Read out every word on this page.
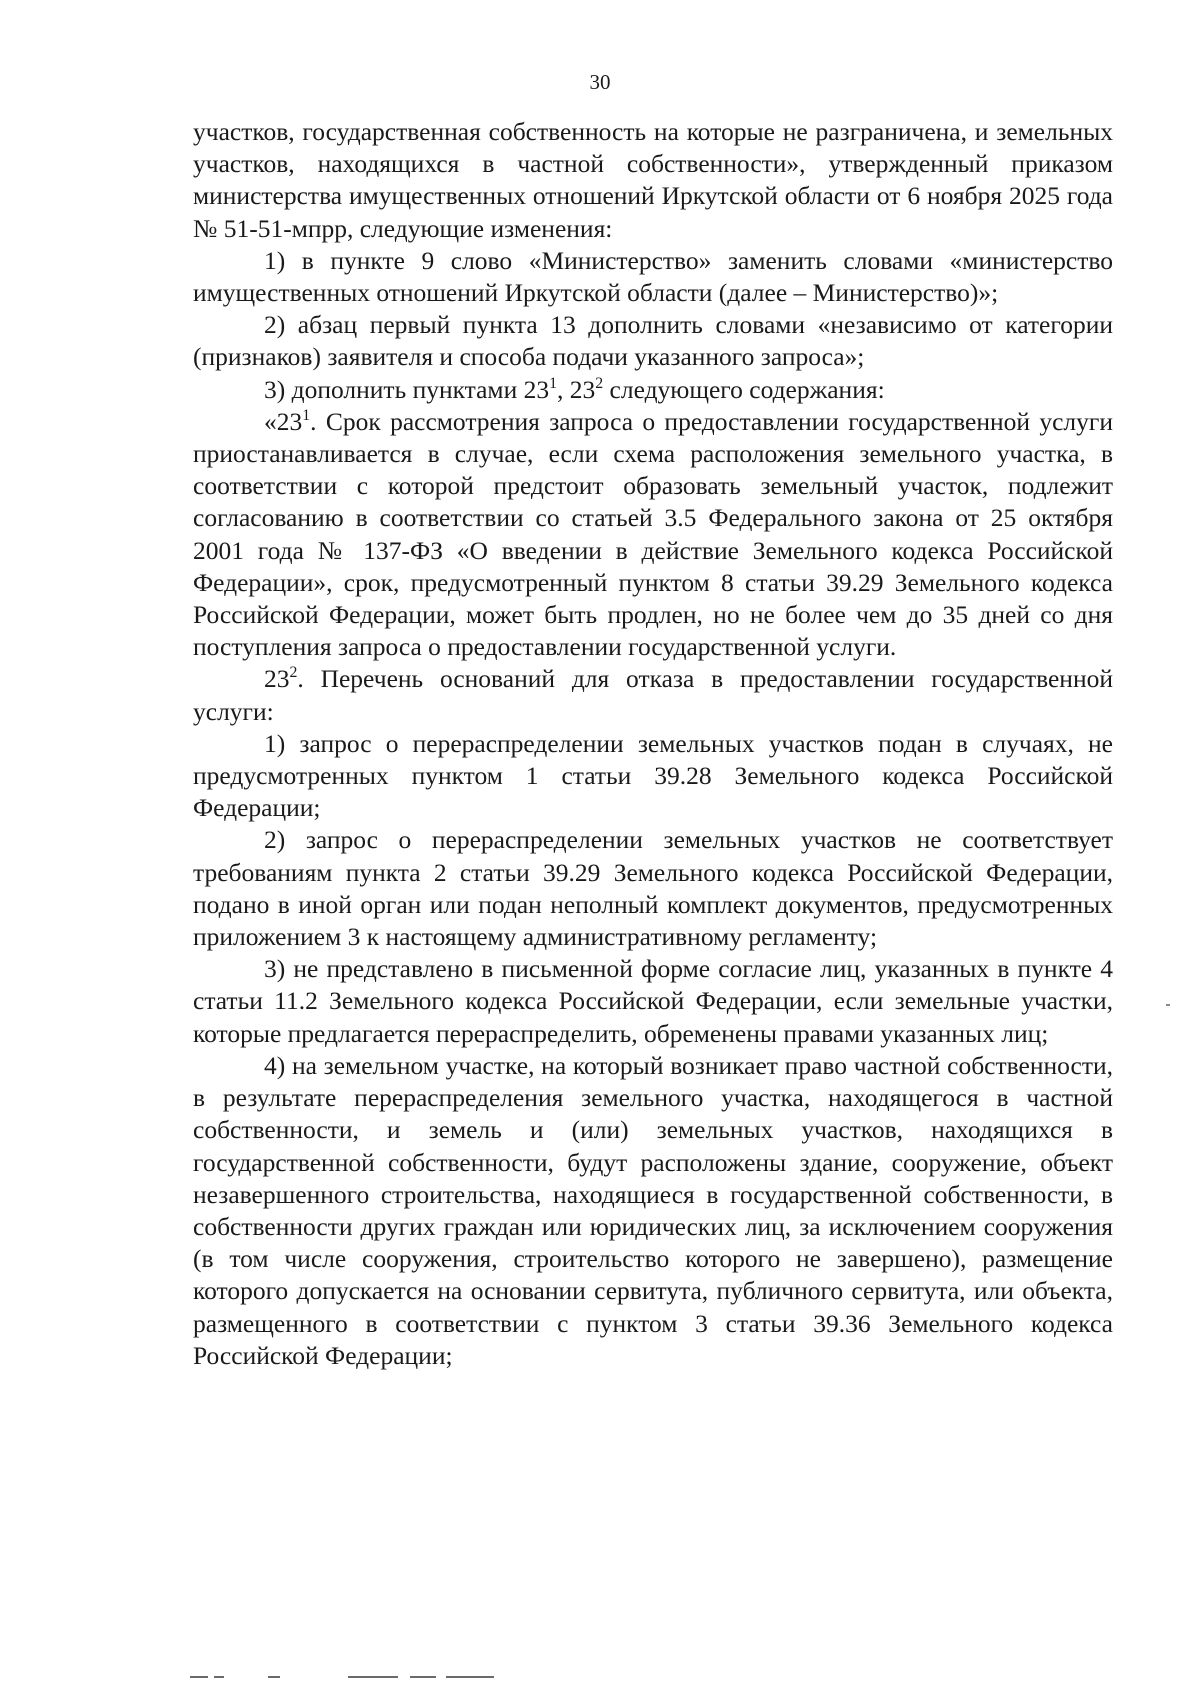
30

участков, государственная собственность на которые не разграничена, и земельных участков, находящихся в частной собственности», утвержденный приказом министерства имущественных отношений Иркутской области от 6 ноября 2025 года № 51-51-мпрр, следующие изменения:

1) в пункте 9 слово «Министерство» заменить словами «министерство имущественных отношений Иркутской области (далее – Министерство)»;

2) абзац первый пункта 13 дополнить словами «независимо от категории (признаков) заявителя и способа подачи указанного запроса»;

3) дополнить пунктами $23^1$, $23^2$ следующего содержания:

«$23^1$. Срок рассмотрения запроса о предоставлении государственной услуги приостанавливается в случае, если схема расположения земельного участка, в соответствии с которой предстоит образовать земельный участок, подлежит согласованию в соответствии со статьей 3.5 Федерального закона от 25 октября 2001 года № 137-ФЗ «О введении в действие Земельного кодекса Российской Федерации», срок, предусмотренный пунктом 8 статьи 39.29 Земельного кодекса Российской Федерации, может быть продлен, но не более чем до 35 дней со дня поступления запроса о предоставлении государственной услуги.

$23^2$. Перечень оснований для отказа в предоставлении государственной услуги:

1) запрос о перераспределении земельных участков подан в случаях, не предусмотренных пунктом 1 статьи 39.28 Земельного кодекса Российской Федерации;

2) запрос о перераспределении земельных участков не соответствует требованиям пункта 2 статьи 39.29 Земельного кодекса Российской Федерации, подано в иной орган или подан неполный комплект документов, предусмотренных приложением 3 к настоящему административному регламенту;

3) не представлено в письменной форме согласие лиц, указанных в пункте 4 статьи 11.2 Земельного кодекса Российской Федерации, если земельные участки, которые предлагается перераспределить, обременены правами указанных лиц;

4) на земельном участке, на который возникает право частной собственности, в результате перераспределения земельного участка, находящегося в частной собственности, и земель и (или) земельных участков, находящихся в государственной собственности, будут расположены здание, сооружение, объект незавершенного строительства, находящиеся в государственной собственности, в собственности других граждан или юридических лиц, за исключением сооружения (в том числе сооружения, строительство которого не завершено), размещение которого допускается на основании сервитута, публичного сервитута, или объекта, размещенного в соответствии с пунктом 3 статьи 39.36 Земельного кодекса Российской Федерации;
